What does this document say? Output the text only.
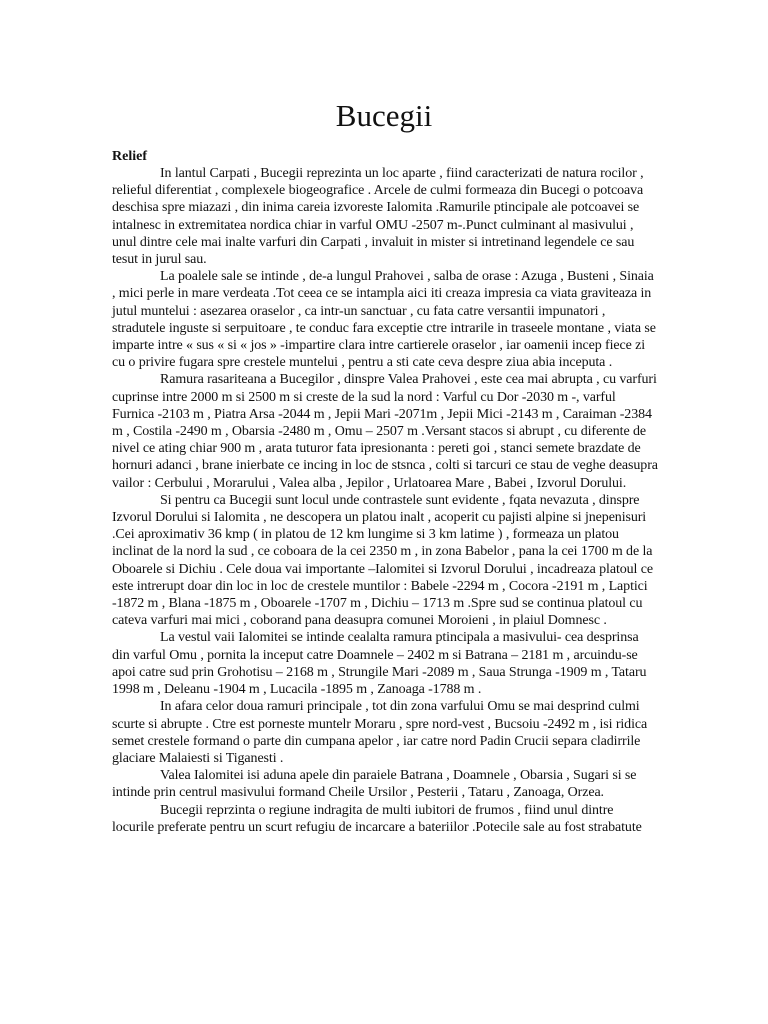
Bucegii
Relief

In lantul Carpati , Bucegii reprezinta un loc aparte , fiind caracterizati de natura rocilor , relieful diferentiat , complexele biogeografice . Arcele de culmi formeaza din Bucegi o potcoava deschisa spre miazazi , din inima careia izvoreste Ialomita .Ramurile ptincipale ale potcoavei se intalnesc in extremitatea nordica chiar in varful OMU -2507 m-.Punct culminant al masivului , unul dintre cele mai inalte varfuri din Carpati , invaluit in mister si intretinand legendele ce sau tesut in jurul sau.

La poalele sale se intinde , de-a lungul Prahovei , salba de orase : Azuga , Busteni , Sinaia , mici perle in mare verdeata .Tot ceea ce se intampla aici iti creaza impresia ca viata graviteaza in jutul muntelui : asezarea oraselor , ca intr-un sanctuar , cu fata catre versantii impunatori , stradutele inguste si serpuitoare , te conduc fara exceptie ctre intrarile in traseele montane , viata se imparte intre « sus « si « jos » -impartire clara intre cartierele oraselor , iar oamenii incep fiece zi cu o privire fugara spre crestele muntelui , pentru a sti cate ceva despre ziua abia inceputa .

Ramura rasariteana a Bucegilor , dinspre Valea Prahovei , este cea mai abrupta , cu varfuri cuprinse intre 2000 m si 2500 m si creste de la sud la nord : Varful cu Dor -2030 m -, varful Furnica -2103 m , Piatra Arsa -2044 m , Jepii Mari -2071m , Jepii Mici -2143 m , Caraiman -2384 m , Costila -2490 m , Obarsia -2480 m , Omu – 2507 m .Versant stacos si abrupt , cu diferente de nivel ce ating chiar 900 m , arata tuturor fata ipresionanta : pereti goi , stanci semete brazdate de hornuri adanci , brane inierbate ce incing in loc de stsnca , colti si tarcuri ce stau de veghe deasupra vailor : Cerbului , Morarului , Valea alba , Jepilor , Urlatoarea Mare , Babei , Izvorul Dorului.

Si pentru ca Bucegii sunt locul unde contrastele sunt evidente , fqata nevazuta , dinspre Izvorul Dorului si Ialomita , ne descopera un platou inalt , acoperit cu pajisti alpine si jnepenisuri .Cei aproximativ 36 kmp ( in platou de 12 km lungime si 3 km latime ) , formeaza un platou inclinat de la nord la sud , ce coboara de la cei 2350 m , in zona Babelor , pana la cei 1700 m de la Oboarele si Dichiu . Cele doua vai importante –Ialomitei si Izvorul Dorului , incadreaza platoul ce este intrerupt doar din loc in loc de crestele muntilor : Babele -2294 m , Cocora -2191 m , Laptici -1872 m , Blana -1875 m , Oboarele -1707 m , Dichiu – 1713 m .Spre sud se continua platoul cu cateva varfuri mai mici , coborand pana deasupra comunei Moroieni , in plaiul Domnesc .

La vestul vaii Ialomitei se intinde cealalta ramura ptincipala a masivului- cea desprinsa din varful Omu , pornita la inceput catre Doamnele – 2402 m si Batrana – 2181 m , arcuindu-se apoi catre sud prin Grohotisu – 2168 m , Strungile Mari -2089 m , Saua Strunga -1909 m , Tataru 1998 m , Deleanu -1904 m , Lucacila -1895 m , Zanoaga -1788 m .

In afara celor doua ramuri principale , tot din zona varfului Omu se mai desprind culmi scurte si abrupte . Ctre est porneste muntelr Moraru , spre nord-vest , Bucsoiu -2492 m , isi ridica semet crestele formand o parte din cumpana apelor , iar catre nord Padin Crucii separa cladirrile glaciare Malaiesti si Tiganesti .

Valea Ialomitei isi aduna apele din paraiele Batrana , Doamnele , Obarsia , Sugari si se intinde prin centrul masivului formand Cheile Ursilor , Pesterii , Tataru , Zanoaga, Orzea.

Bucegii reprzinta o regiune indragita de multi iubitori de frumos , fiind unul dintre locurile preferate pentru un scurt refugiu de incarcare a bateriilor .Potecile sale au fost strabatute
